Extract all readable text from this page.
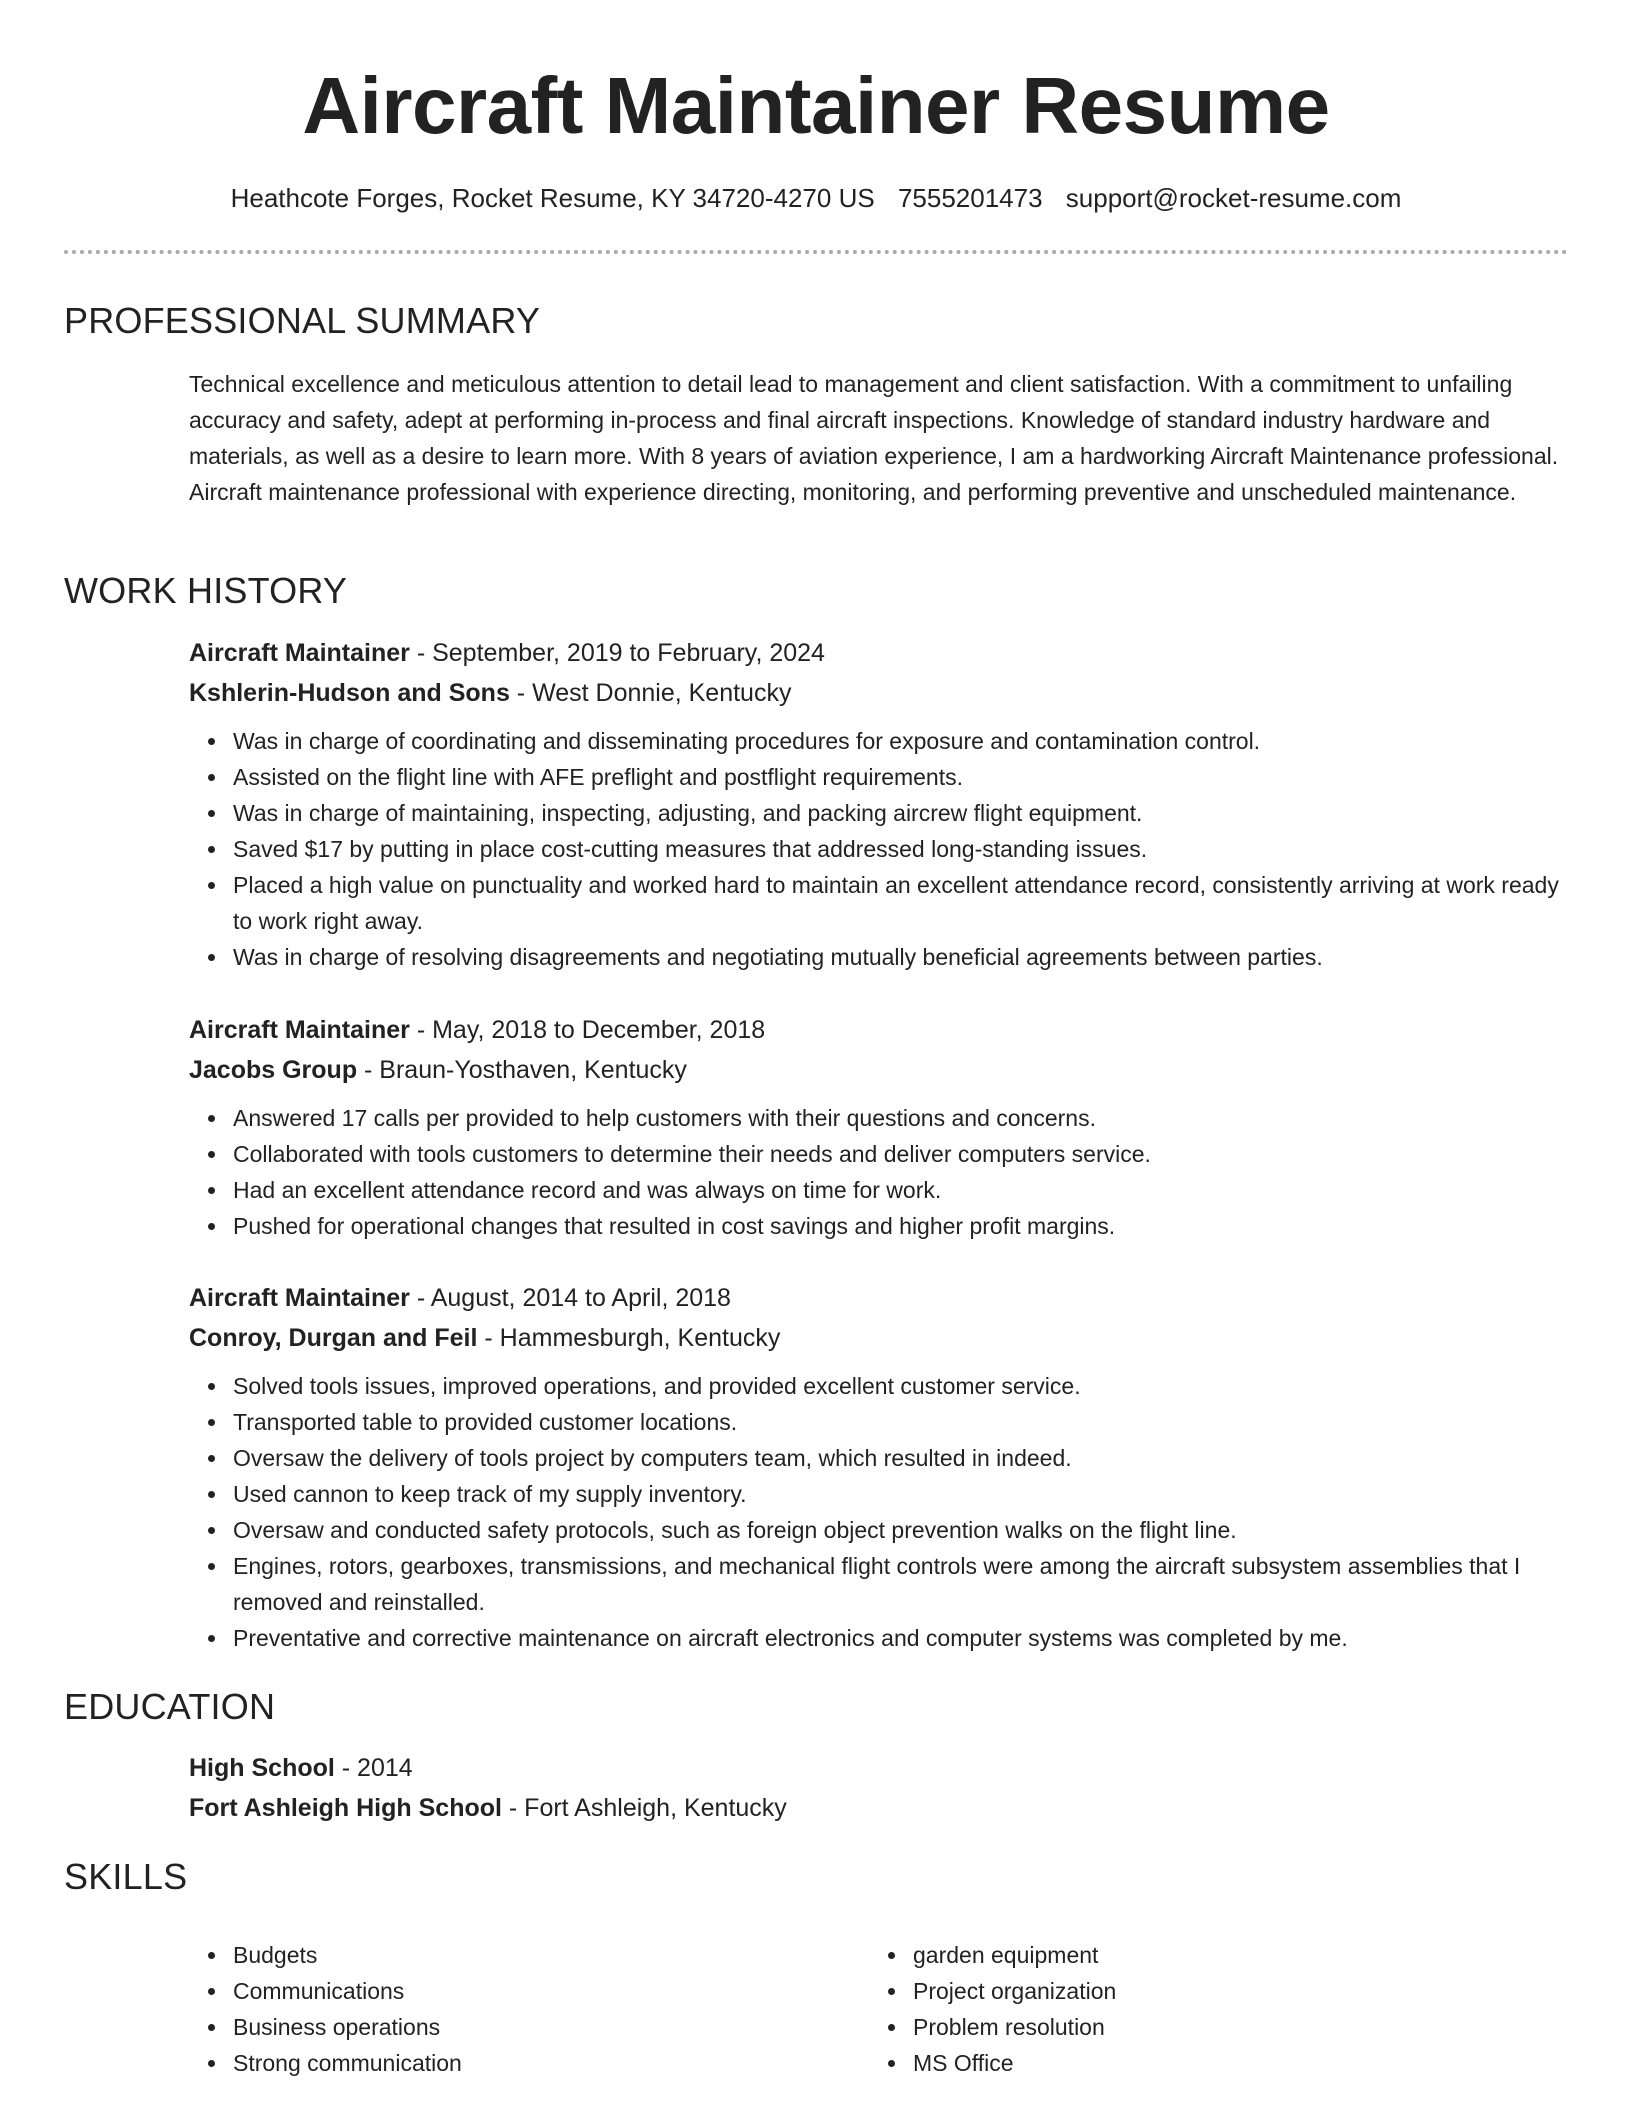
Aircraft Maintainer Resume
Heathcote Forges, Rocket Resume, KY 34720-4270 US 7555201473 support@rocket-resume.com
PROFESSIONAL SUMMARY

Technical excellence and meticulous attention to detail lead to management and client satisfaction. With a commitment to unfailing accuracy and safety, adept at performing in-process and final aircraft inspections. Knowledge of standard industry hardware and materials, as well as a desire to learn more. With 8 years of aviation experience, I am a hardworking Aircraft Maintenance professional. Aircraft maintenance professional with experience directing, monitoring, and performing preventive and unscheduled maintenance.

WORK HISTORY
Aircraft Maintainer - September, 2019 to February, 2024
Kshlerin-Hudson and Sons - West Donnie, Kentucky
Was in charge of coordinating and disseminating procedures for exposure and contamination control.
Assisted on the flight line with AFE preflight and postflight requirements.
Was in charge of maintaining, inspecting, adjusting, and packing aircrew flight equipment.
Saved $17 by putting in place cost-cutting measures that addressed long-standing issues.
Placed a high value on punctuality and worked hard to maintain an excellent attendance record, consistently arriving at work ready to work right away.
Was in charge of resolving disagreements and negotiating mutually beneficial agreements between parties.
Aircraft Maintainer - May, 2018 to December, 2018
Jacobs Group - Braun-Yosthaven, Kentucky
Answered 17 calls per provided to help customers with their questions and concerns.
Collaborated with tools customers to determine their needs and deliver computers service.
Had an excellent attendance record and was always on time for work.
Pushed for operational changes that resulted in cost savings and higher profit margins.
Aircraft Maintainer - August, 2014 to April, 2018
Conroy, Durgan and Feil - Hammesburgh, Kentucky
Solved tools issues, improved operations, and provided excellent customer service.
Transported table to provided customer locations.
Oversaw the delivery of tools project by computers team, which resulted in indeed.
Used cannon to keep track of my supply inventory.
Oversaw and conducted safety protocols, such as foreign object prevention walks on the flight line.
Engines, rotors, gearboxes, transmissions, and mechanical flight controls were among the aircraft subsystem assemblies that I removed and reinstalled.
Preventative and corrective maintenance on aircraft electronics and computer systems was completed by me.
EDUCATION
High School - 2014
Fort Ashleigh High School - Fort Ashleigh, Kentucky
SKILLS
Budgets
Communications
Business operations
Strong communication
garden equipment
Project organization
Problem resolution
MS Office
